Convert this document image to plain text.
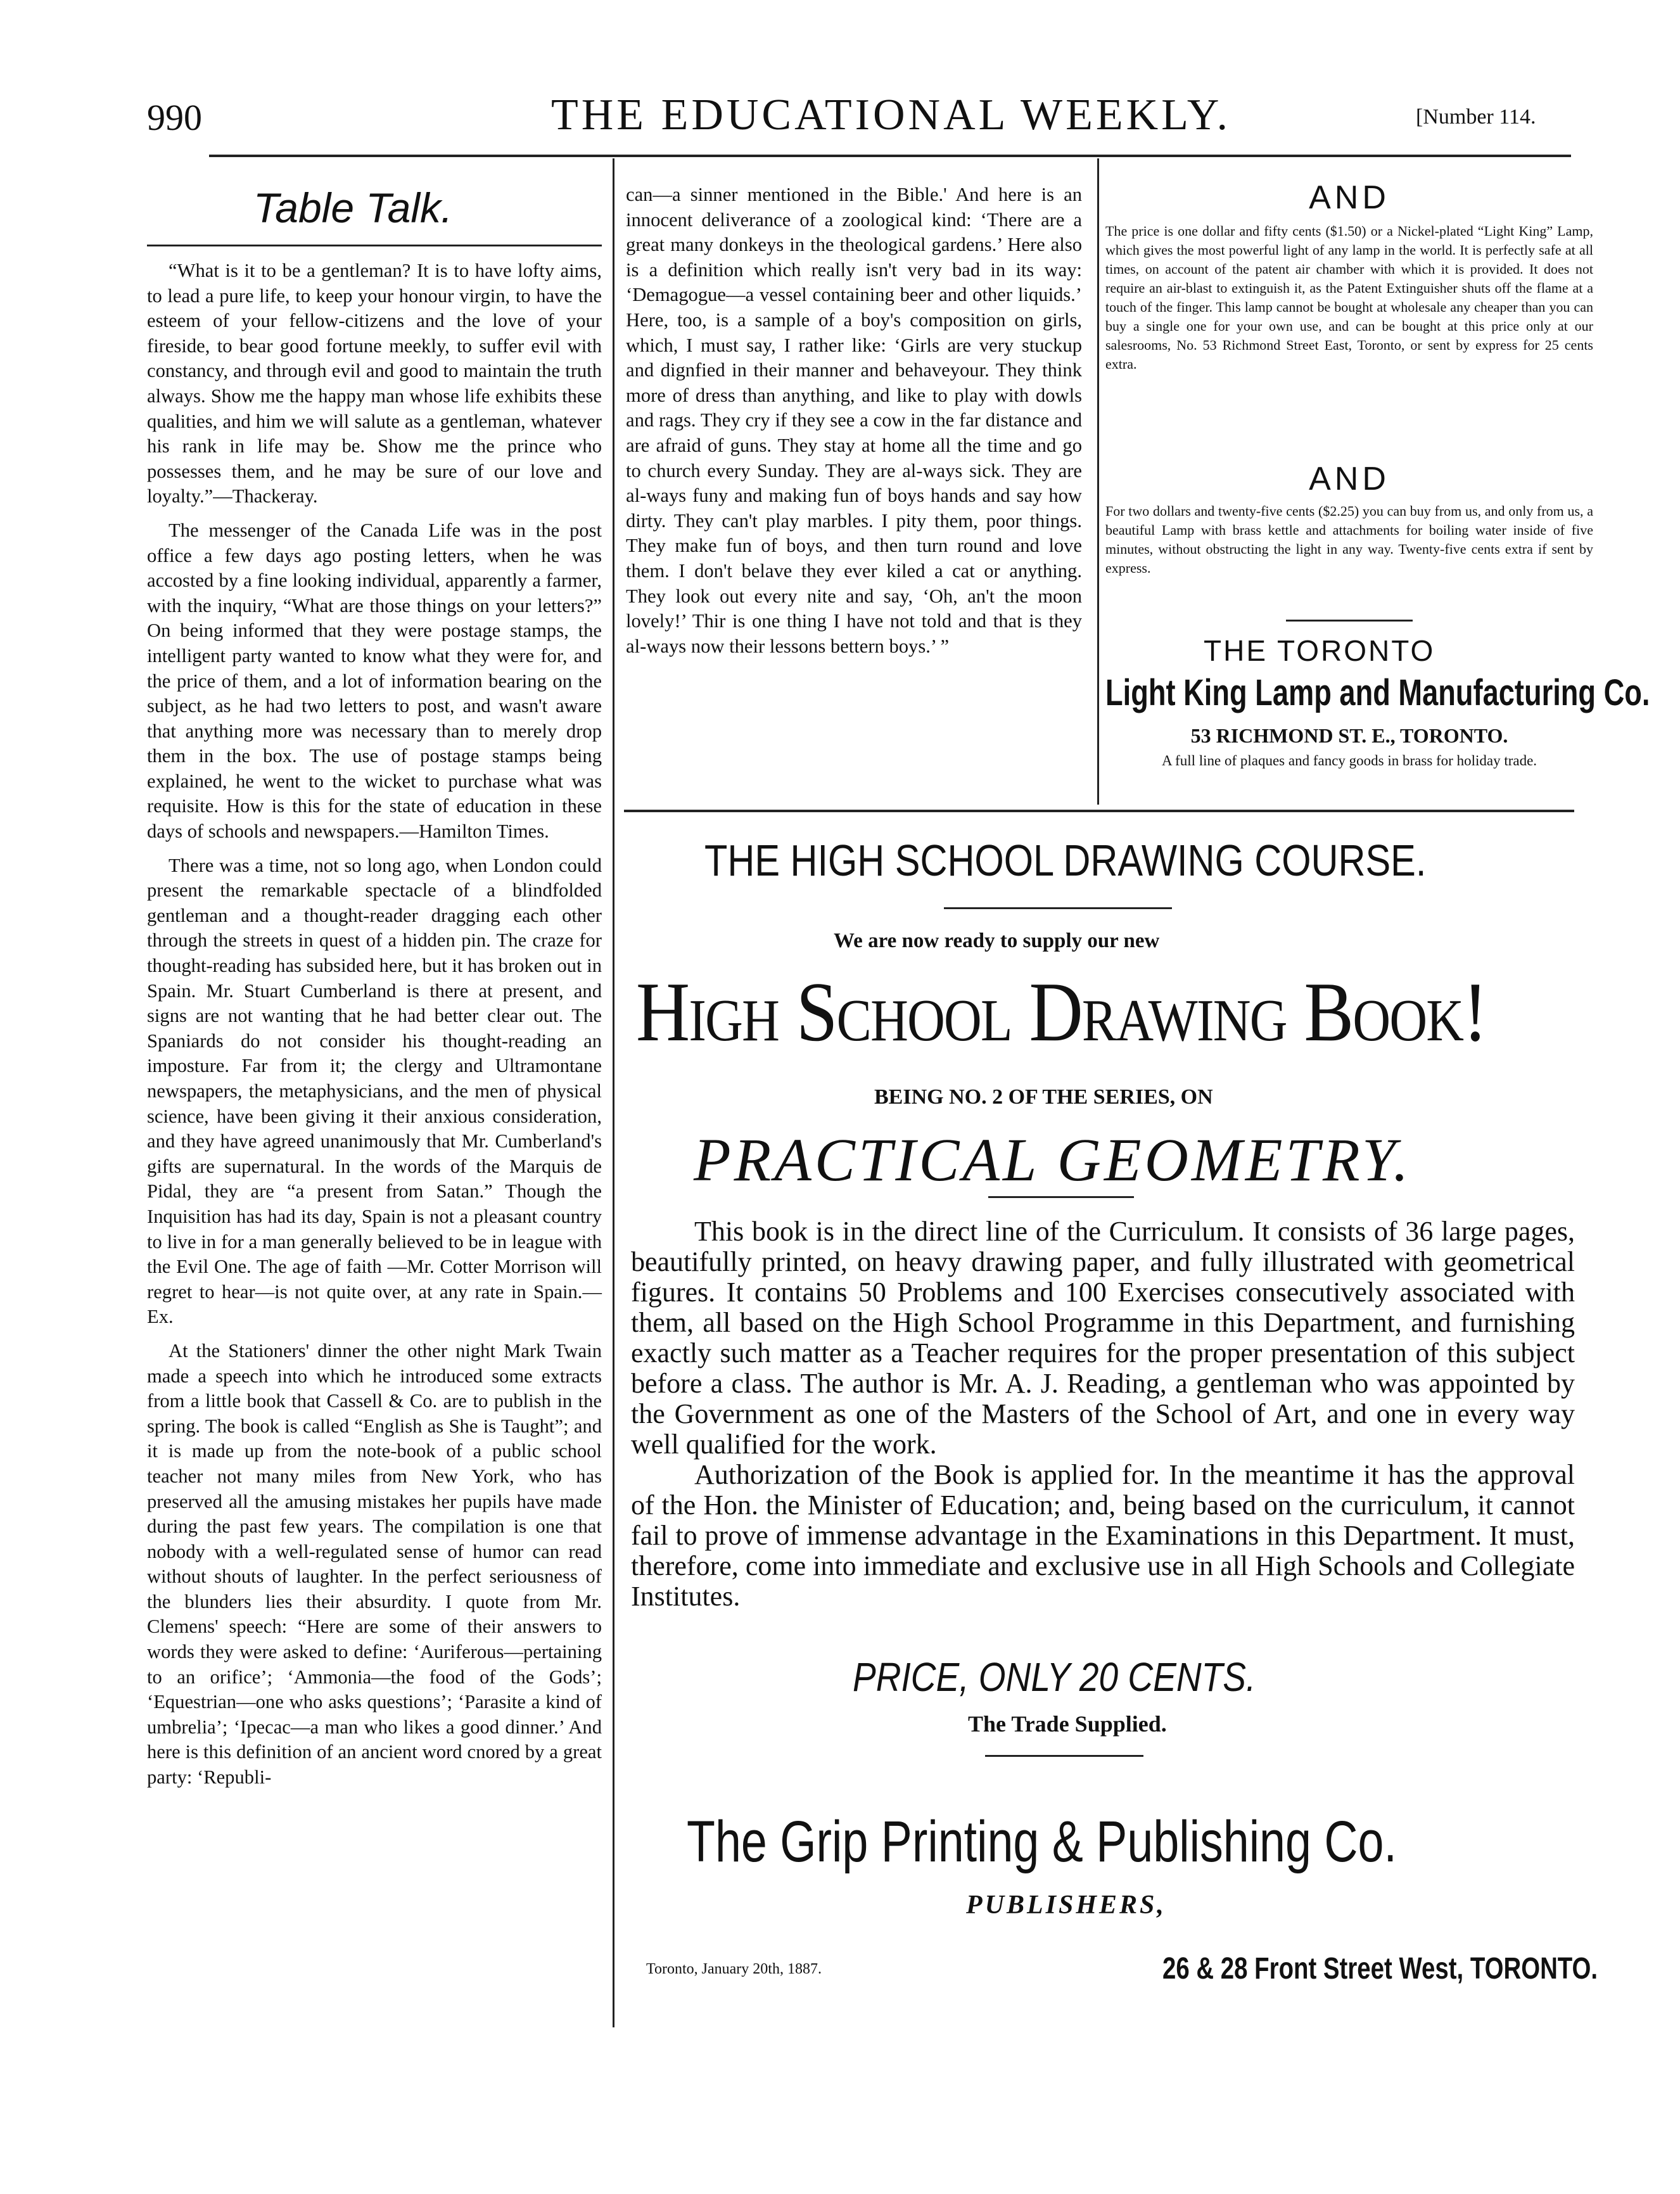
990	THE EDUCATIONAL WEEKLY.	[Number 114.
Table Talk.

“What is it to be a gentleman? It is to have lofty aims, to lead a pure life, to keep your honour virgin, to have the esteem of your fellow-citizens and the love of your fireside, to bear good fortune meekly, to suffer evil with constancy, and through evil and good to maintain the truth always. Show me the happy man whose life exhibits these qualities, and him we will salute as a gentleman, whatever his rank in life may be. Show me the prince who possesses them, and he may be sure of our love and loyalty.”—Thackeray.

The messenger of the Canada Life was in the post office a few days ago posting letters, when he was accosted by a fine looking individual, apparently a farmer, with the inquiry, “What are those things on your letters?” On being informed that they were postage stamps, the intelligent party wanted to know what they were for, and the price of them, and a lot of information bearing on the subject, as he had two letters to post, and wasn't aware that anything more was necessary than to merely drop them in the box. The use of postage stamps being explained, he went to the wicket to purchase what was requisite. How is this for the state of education in these days of schools and newspapers.—Hamilton Times.

There was a time, not so long ago, when London could present the remarkable spectacle of a blindfolded gentleman and a thought-reader dragging each other through the streets in quest of a hidden pin. The craze for thought-reading has subsided here, but it has broken out in Spain. Mr. Stuart Cumberland is there at present, and signs are not wanting that he had better clear out. The Spaniards do not consider his thought-reading an imposture. Far from it; the clergy and Ultramontane newspapers, the metaphysicians, and the men of physical science, have been giving it their anxious consideration, and they have agreed unanimously that Mr. Cumberland's gifts are supernatural. In the words of the Marquis de Pidal, they are “a present from Satan.” Though the Inquisition has had its day, Spain is not a pleasant country to live in for a man generally believed to be in league with the Evil One. The age of faith —Mr. Cotter Morrison will regret to hear—is not quite over, at any rate in Spain.—Ex.

At the Stationers' dinner the other night Mark Twain made a speech into which he introduced some extracts from a little book that Cassell & Co. are to publish in the spring. The book is called “English as She is Taught”; and it is made up from the note-book of a public school teacher not many miles from New York, who has preserved all the amusing mistakes her pupils have made during the past few years. The compilation is one that nobody with a well-regulated sense of humor can read without shouts of laughter. In the perfect seriousness of the blunders lies their absurdity. I quote from Mr. Clemens' speech: “Here are some of their answers to words they were asked to define: ‘Auriferous—pertaining to an orifice’; ‘Ammonia—the food of the Gods’; ‘Equestrian—one who asks questions’; ‘Parasite a kind of umbrelia’; ‘Ipecac—a man who likes a good dinner.’ And here is this definition of an ancient word cnored by a great party: ‘Republi-

can—a sinner mentioned in the Bible.' And here is an innocent deliverance of a zoological kind: ‘There are a great many donkeys in the theological gardens.’ Here also is a definition which really isn't very bad in its way: ‘Demagogue—a vessel containing beer and other liquids.’ Here, too, is a sample of a boy's composition on girls, which, I must say, I rather like: ‘Girls are very stuckup and dignfied in their manner and behaveyour. They think more of dress than anything, and like to play with dowls and rags. They cry if they see a cow in the far distance and are afraid of guns. They stay at home all the time and go to church every Sunday. They are al-ways sick. They are al-ways funy and making fun of boys hands and say how dirty. They can't play marbles. I pity them, poor things. They make fun of boys, and then turn round and love them. I don't belave they ever kiled a cat or anything. They look out every nite and say, ‘Oh, an't the moon lovely!’ Thir is one thing I have not told and that is they al-ways now their lessons bettern boys.’ ”

AND

The price is one dollar and fifty cents ($1.50) or a Nickel-plated “Light King” Lamp, which gives the most powerful light of any lamp in the world. It is perfectly safe at all times, on account of the patent air chamber with which it is provided. It does not require an air-blast to extinguish it, as the Patent Extinguisher shuts off the flame at a touch of the finger. This lamp cannot be bought at wholesale any cheaper than you can buy a single one for your own use, and can be bought at this price only at our salesrooms, No. 53 Richmond Street East, Toronto, or sent by express for 25 cents extra.

AND

For two dollars and twenty-five cents ($2.25) you can buy from us, and only from us, a beautiful Lamp with brass kettle and attachments for boiling water inside of five minutes, without obstructing the light in any way. Twenty-five cents extra if sent by express.

THE TORONTO
Light King Lamp and Manufacturing Co.
53 RICHMOND ST. E., TORONTO.
A full line of plaques and fancy goods in brass for holiday trade.
THE HIGH SCHOOL DRAWING COURSE.
We are now ready to supply our new
High School Drawing Book!
BEING NO. 2 OF THE SERIES, ON
PRACTICAL GEOMETRY.

This book is in the direct line of the Curriculum. It consists of 36 large pages, beautifully printed, on heavy drawing paper, and fully illustrated with geometrical figures. It contains 50 Problems and 100 Exercises consecutively associated with them, all based on the High School Programme in this Department, and furnishing exactly such matter as a Teacher requires for the proper presentation of this subject before a class. The author is Mr. A. J. Reading, a gentleman who was appointed by the Government as one of the Masters of the School of Art, and one in every way well qualified for the work.

Authorization of the Book is applied for. In the meantime it has the approval of the Hon. the Minister of Education; and, being based on the curriculum, it cannot fail to prove of immense advantage in the Examinations in this Department. It must, therefore, come into immediate and exclusive use in all High Schools and Collegiate Institutes.

PRICE, ONLY 20 CENTS.
The Trade Supplied.
The Grip Printing & Publishing Co.
PUBLISHERS,
Toronto, January 20th, 1887.	26 & 28 Front Street West, TORONTO.
